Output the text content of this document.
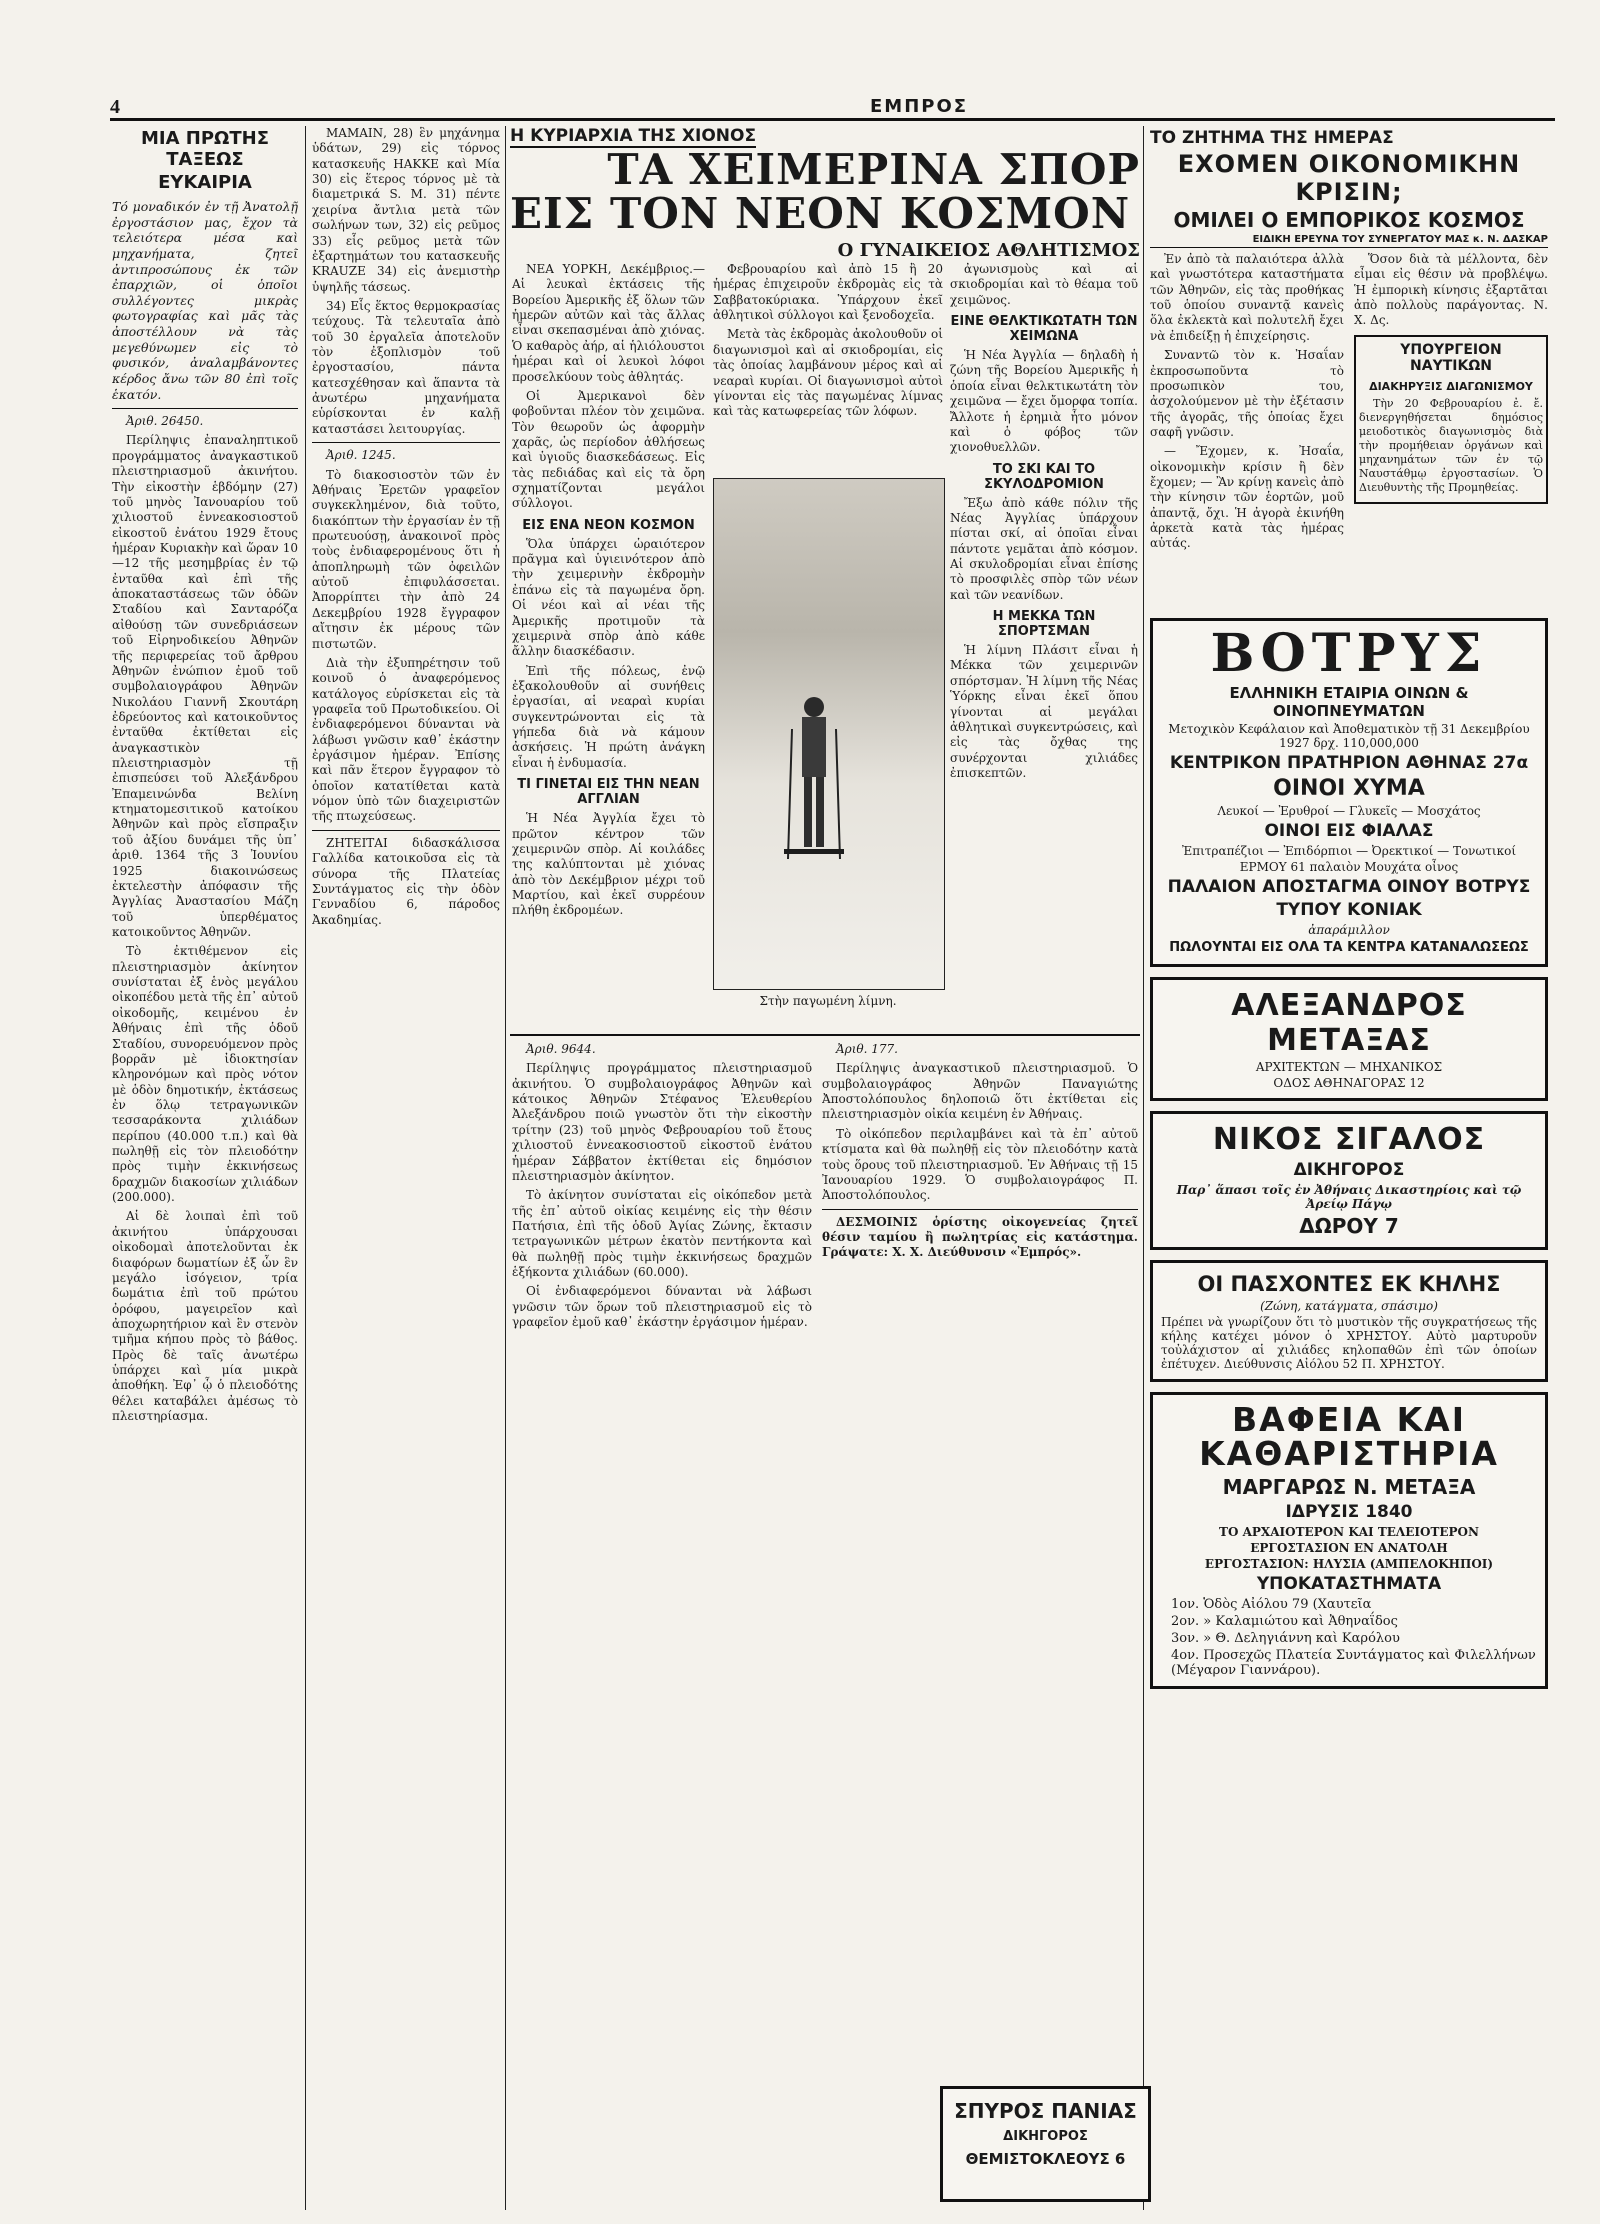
4	ΕΜΠΡΟΣ
ΜΙΑ ΠΡΩΤΗΣ ΤΑΞΕΩΣ
ΕΥΚΑΙΡΙΑ
Τό μοναδικόν ἐν τῇ Ἀνατολῇ ἐργοστάσιον μας, ἔχον τὰ τελειότερα μέσα καὶ μηχανήματα, ζητεῖ ἀντιπροσώπους ἐκ τῶν ἐπαρχιῶν, οἱ ὁποῖοι συλλέγοντες μικρὰς φωτογραφίας καὶ μᾶς τὰς ἀποστέλλουν νὰ τὰς μεγεθύνωμεν εἰς τὸ φυσικόν, ἀναλαμβάνοντες κέρδος ἄνω τῶν 80 ἐπὶ τοῖς ἑκατόν.

Ἀριθ. 26450.

Περίληψις ἐπαναληπτικοῦ προγράμματος ἀναγκαστικοῦ πλειστηριασμοῦ ἀκινήτου. Τὴν εἰκοστὴν ἑβδόμην (27) τοῦ μηνὸς Ἰανουαρίου τοῦ χιλιοστοῦ ἐννεακοσιοστοῦ εἰκοστοῦ ἐνάτου 1929 ἔτους ἡμέραν Κυριακὴν καὶ ὥραν 10—12 τῆς μεσημβρίας ἐν τῷ ἐνταῦθα καὶ ἐπὶ τῆς ἀποκαταστάσεως τῶν ὁδῶν Σταδίου καὶ Σανταρόζα αἰθούσῃ τῶν συνεδριάσεων τοῦ Εἰρηνοδικείου Ἀθηνῶν τῆς περιφερείας τοῦ ἄρθρου Ἀθηνῶν ἐνώπιον ἐμοῦ τοῦ συμβολαιογράφου Ἀθηνῶν Νικολάου Γιαννῆ Σκουτάρη ἐδρεύοντος καὶ κατοικοῦντος ἐνταῦθα ἐκτίθεται εἰς ἀναγκαστικὸν πλειστηριασμὸν τῇ ἐπισπεύσει τοῦ Ἀλεξάνδρου Ἐπαμεινώνδα Βελίνη κτηματομεσιτικοῦ κατοίκου Ἀθηνῶν καὶ πρὸς εἴσπραξιν τοῦ ἀξίου δυνάμει τῆς ὑπ᾽ ἀριθ. 1364 τῆς 3 Ἰουνίου 1925 διακοινώσεως ἐκτελεστὴν ἀπόφασιν τῆς Ἀγγλίας Ἀναστασίου Μάζη τοῦ ὑπερθέματος κατοικοῦντος Ἀθηνῶν.

Τὸ ἐκτιθέμενον εἰς πλειστηριασμὸν ἀκίνητον συνίσταται ἐξ ἑνὸς μεγάλου οἰκοπέδου μετὰ τῆς ἐπ᾽ αὐτοῦ οἰκοδομῆς, κειμένου ἐν Ἀθήναις ἐπὶ τῆς ὁδοῦ Σταδίου, συνορευόμενον πρὸς βορρᾶν μὲ ἰδιοκτησίαν κληρονόμων καὶ πρὸς νότον μὲ ὁδὸν δημοτικήν, ἐκτάσεως ἐν ὅλῳ τετραγωνικῶν τεσσαράκοντα χιλιάδων περίπου (40.000 τ.π.) καὶ θὰ πωληθῇ εἰς τὸν πλειοδότην πρὸς τιμὴν ἐκκινήσεως δραχμῶν διακοσίων χιλιάδων (200.000).

Αἱ δὲ λοιπαὶ ἐπὶ τοῦ ἀκινήτου ὑπάρχουσαι οἰκοδομαὶ ἀποτελοῦνται ἐκ διαφόρων δωματίων ἐξ ὧν ἓν μεγάλο ἰσόγειον, τρία δωμάτια ἐπὶ τοῦ πρώτου ὀρόφου, μαγειρεῖον καὶ ἀποχωρητήριον καὶ ἓν στενὸν τμῆμα κήπου πρὸς τὸ βάθος. Πρὸς δὲ ταῖς ἀνωτέρω ὑπάρχει καὶ μία μικρὰ ἀποθήκη. Ἐφ᾽ ᾧ ὁ πλειοδότης θέλει καταβάλει ἀμέσως τὸ πλειστηρίασμα.

ΜΑΜΑΙΝ, 28) ἓν μηχάνημα ὑδάτων, 29) εἰς τόρνος κατασκευῆς ΗΑΚΚΕ καὶ Μία 30) εἰς ἕτερος τόρνος μὲ τὰ διαμετρικά S. M. 31) πέντε χειρίνα ἄντλια μετὰ τῶν σωλήνων των, 32) εἰς ρεῦμος 33) εἷς ρεῦμος μετὰ τῶν ἐξαρτημάτων του κατασκευῆς KRAUZE 34) εἰς ἀνεμιστὴρ ὑψηλῆς τάσεως.

34) Εἷς ἕκτος θερμοκρασίας τεύχους. Τὰ τελευταῖα ἀπὸ τοῦ 30 ἐργαλεῖα ἀποτελοῦν τὸν ἐξοπλισμὸν τοῦ ἐργοστασίου, πάντα κατεσχέθησαν καὶ ἅπαντα τὰ ἀνωτέρω μηχανήματα εὑρίσκονται ἐν καλῇ καταστάσει λειτουργίας.

Ἀριθ. 1245.

Τὸ διακοσιοστὸν τῶν ἐν Ἀθήναις Ἐρετῶν γραφεῖον συγκεκλημένον, διὰ τοῦτο, διακόπτων τὴν ἐργασίαν ἐν τῇ πρωτευούσῃ, ἀνακοινοῖ πρὸς τοὺς ἐνδιαφερομένους ὅτι ἡ ἀποπληρωμὴ τῶν ὀφειλῶν αὐτοῦ ἐπιφυλάσσεται. Ἀπορρίπτει τὴν ἀπὸ 24 Δεκεμβρίου 1928 ἔγγραφον αἴτησιν ἐκ μέρους τῶν πιστωτῶν.

Διὰ τὴν ἐξυπηρέτησιν τοῦ κοινοῦ ὁ ἀναφερόμενος κατάλογος εὑρίσκεται εἰς τὰ γραφεῖα τοῦ Πρωτοδικείου. Οἱ ἐνδιαφερόμενοι δύνανται νὰ λάβωσι γνῶσιν καθ᾽ ἑκάστην ἐργάσιμον ἡμέραν. Ἐπίσης καὶ πᾶν ἕτερον ἔγγραφον τὸ ὁποῖον κατατίθεται κατὰ νόμον ὑπὸ τῶν διαχειριστῶν τῆς πτωχεύσεως.

ΖΗΤΕΙΤΑΙ διδασκάλισσα Γαλλίδα κατοικοῦσα εἰς τὰ σύνορα τῆς Πλατείας Συντάγματος εἰς τὴν ὁδὸν Γενναδίου 6, πάροδος Ἀκαδημίας.

Η ΚΥΡΙΑΡΧΙΑ ΤΗΣ ΧΙΟΝΟΣ
ΤΑ ΧΕΙΜΕΡΙΝΑ ΣΠΟΡ
ΕΙΣ ΤΟΝ ΝΕΟΝ ΚΟΣΜΟΝ
Ο ΓΥΝΑΙΚΕΙΟΣ ΑΘΛΗΤΙΣΜΟΣ

ΝΕΑ ΥΟΡΚΗ, Δεκέμβριος.— Αἱ λευκαὶ ἐκτάσεις τῆς Βορείου Ἀμερικῆς ἐξ ὅλων τῶν ἡμερῶν αὐτῶν καὶ τὰς ἄλλας εἶναι σκεπασμέναι ἀπὸ χιόνας. Ὁ καθαρὸς ἀήρ, αἱ ἡλιόλουστοι ἡμέραι καὶ οἱ λευκοὶ λόφοι προσελκύουν τοὺς ἀθλητάς.

Οἱ Ἀμερικανοὶ δὲν φοβοῦνται πλέον τὸν χειμῶνα. Τὸν θεωροῦν ὡς ἀφορμὴν χαρᾶς, ὡς περίοδον ἀθλήσεως καὶ ὑγιοῦς διασκεδάσεως. Εἰς τὰς πεδιάδας καὶ εἰς τὰ ὄρη σχηματίζονται μεγάλοι σύλλογοι.

ΕΙΣ ΕΝΑ ΝΕΟΝ ΚΟΣΜΟΝ

Ὅλα ὑπάρχει ὡραιότερον πρᾶγμα καὶ ὑγιεινότερον ἀπὸ τὴν χειμερινὴν ἐκδρομὴν ἐπάνω εἰς τὰ παγωμένα ὄρη. Οἱ νέοι καὶ αἱ νέαι τῆς Ἀμερικῆς προτιμοῦν τὰ χειμερινὰ σπὸρ ἀπὸ κάθε ἄλλην διασκέδασιν.

Ἐπὶ τῆς πόλεως, ἐνῷ ἐξακολουθοῦν αἱ συνήθεις ἐργασίαι, αἱ νεαραὶ κυρίαι συγκεντρώνονται εἰς τὰ γήπεδα διὰ νὰ κάμουν ἀσκήσεις. Ἡ πρώτη ἀνάγκη εἶναι ἡ ἐνδυμασία.

ΤΙ ΓΙΝΕΤΑΙ ΕΙΣ ΤΗΝ ΝΕΑΝ ΑΓΓΛΙΑΝ

Ἡ Νέα Ἀγγλία ἔχει τὸ πρῶτον κέντρον τῶν χειμερινῶν σπὸρ. Αἱ κοιλάδες της καλύπτονται μὲ χιόνας ἀπὸ τὸν Δεκέμβριον μέχρι τοῦ Μαρτίου, καὶ ἐκεῖ συρρέουν πλήθη ἐκδρομέων.

Φεβρουαρίου καὶ ἀπὸ 15 ἢ 20 ἡμέρας ἐπιχειροῦν ἐκδρομὰς εἰς τὰ Σαββατοκύριακα. Ὑπάρχουν ἐκεῖ ἀθλητικοὶ σύλλογοι καὶ ξενοδοχεῖα.

Μετὰ τὰς ἐκδρομὰς ἀκολουθοῦν οἱ διαγωνισμοὶ καὶ αἱ σκιοδρομίαι, εἰς τὰς ὁποίας λαμβάνουν μέρος καὶ αἱ νεαραὶ κυρίαι. Οἱ διαγωνισμοὶ αὐτοὶ γίνονται εἰς τὰς παγωμένας λίμνας καὶ τὰς κατωφερείας τῶν λόφων.

Στὴν παγωμένη λίμνη.

ἀγωνισμοὺς καὶ αἱ σκιοδρομίαι καὶ τὸ θέαμα τοῦ χειμῶνος.

ΕΙΝΕ ΘΕΛΚΤΙΚΩΤΑΤΗ ΤΩΝ ΧΕΙΜΩΝΑ

Ἡ Νέα Ἀγγλία — δηλαδὴ ἡ ζώνη τῆς Βορείου Ἀμερικῆς ἡ ὁποία εἶναι θελκτικωτάτη τὸν χειμῶνα — ἔχει ὄμορφα τοπία. Ἄλλοτε ἡ ἐρημιὰ ἦτο μόνον καὶ ὁ φόβος τῶν χιονοθυελλῶν.

ΤΟ ΣΚΙ ΚΑΙ ΤΟ ΣΚΥΛΟΔΡΟΜΙΟΝ

Ἔξω ἀπὸ κάθε πόλιν τῆς Νέας Ἀγγλίας ὑπάρχουν πίσται σκί, αἱ ὁποῖαι εἶναι πάντοτε γεμᾶται ἀπὸ κόσμον. Αἱ σκυλοδρομίαι εἶναι ἐπίσης τὸ προσφιλὲς σπὸρ τῶν νέων καὶ τῶν νεανίδων.

Η ΜΕΚΚΑ ΤΩΝ ΣΠΟΡΤΣΜΑΝ

Ἡ λίμνη Πλάσιτ εἶναι ἡ Μέκκα τῶν χειμερινῶν σπόρτσμαν. Ἡ λίμνη τῆς Νέας Ὑόρκης εἶναι ἐκεῖ ὅπου γίνονται αἱ μεγάλαι ἀθλητικαὶ συγκεντρώσεις, καὶ εἰς τὰς ὄχθας της συνέρχονται χιλιάδες ἐπισκεπτῶν.

Ἀριθ. 9644.

Περίληψις προγράμματος πλειστηριασμοῦ ἀκινήτου. Ὁ συμβολαιογράφος Ἀθηνῶν καὶ κάτοικος Ἀθηνῶν Στέφανος Ἐλευθερίου Ἀλεξάνδρου ποιῶ γνωστὸν ὅτι τὴν εἰκοστὴν τρίτην (23) τοῦ μηνὸς Φεβρουαρίου τοῦ ἔτους χιλιοστοῦ ἐννεακοσιοστοῦ εἰκοστοῦ ἐνάτου ἡμέραν Σάββατον ἐκτίθεται εἰς δημόσιον πλειστηριασμὸν ἀκίνητον.

Τὸ ἀκίνητον συνίσταται εἰς οἰκόπεδον μετὰ τῆς ἐπ᾽ αὐτοῦ οἰκίας κειμένης εἰς τὴν θέσιν Πατήσια, ἐπὶ τῆς ὁδοῦ Ἀγίας Ζώνης, ἔκτασιν τετραγωνικῶν μέτρων ἑκατὸν πεντήκοντα καὶ θὰ πωληθῇ πρὸς τιμὴν ἐκκινήσεως δραχμῶν ἑξήκοντα χιλιάδων (60.000).

Οἱ ἐνδιαφερόμενοι δύνανται νὰ λάβωσι γνῶσιν τῶν ὅρων τοῦ πλειστηριασμοῦ εἰς τὸ γραφεῖον ἐμοῦ καθ᾽ ἑκάστην ἐργάσιμον ἡμέραν.

Ἀριθ. 177.

Περίληψις ἀναγκαστικοῦ πλειστηριασμοῦ. Ὁ συμβολαιογράφος Ἀθηνῶν Παναγιώτης Ἀποστολόπουλος δηλοποιῶ ὅτι ἐκτίθεται εἰς πλειστηριασμὸν οἰκία κειμένη ἐν Ἀθήναις.

Τὸ οἰκόπεδον περιλαμβάνει καὶ τὰ ἐπ᾽ αὐτοῦ κτίσματα καὶ θὰ πωληθῇ εἰς τὸν πλειοδότην κατὰ τοὺς ὅρους τοῦ πλειστηριασμοῦ. Ἐν Ἀθήναις τῇ 15 Ἰανουαρίου 1929. Ὁ συμβολαιογράφος Π. Ἀποστολόπουλος.

ΔΕΣΜΟΙΝΙΣ ὁρίστης οἰκογενείας ζητεῖ θέσιν ταμίου ἢ πωλητρίας εἰς κατάστημα. Γράψατε: Χ. Χ. Διεύθυνσιν «Ἐμπρός».

ΣΠΥΡΟΣ ΠΑΝΙΑΣ
ΔΙΚΗΓΟΡΟΣ
ΘΕΜΙΣΤΟΚΛΕΟΥΣ 6
ΤΟ ΖΗΤΗΜΑ ΤΗΣ ΗΜΕΡΑΣ
ΕΧΟΜΕΝ ΟΙΚΟΝΟΜΙΚΗΝ ΚΡΙΣΙΝ;
ΟΜΙΛΕΙ Ο ΕΜΠΟΡΙΚΟΣ ΚΟΣΜΟΣ
ΕΙΔΙΚΗ ΕΡΕΥΝΑ ΤΟΥ ΣΥΝΕΡΓΑΤΟΥ ΜΑΣ κ. Ν. ΔΑΣΚΑΡ

Ἐν ἀπὸ τὰ παλαιότερα ἀλλὰ καὶ γνωστότερα καταστήματα τῶν Ἀθηνῶν, εἰς τὰς προθήκας τοῦ ὁποίου συναντᾷ κανεὶς ὅλα ἐκλεκτὰ καὶ πολυτελῆ ἔχει νὰ ἐπιδείξῃ ἡ ἐπιχείρησις.

Συναντῶ τὸν κ. Ἠσαΐαν ἐκπροσωποῦντα τὸ προσωπικὸν του, ἀσχολούμενον μὲ τὴν ἐξέτασιν τῆς ἀγορᾶς, τῆς ὁποίας ἔχει σαφῆ γνῶσιν.

— Ἔχομεν, κ. Ἠσαΐα, οἰκονομικὴν κρίσιν ἢ δὲν ἔχομεν; — Ἂν κρίνῃ κανεὶς ἀπὸ τὴν κίνησιν τῶν ἑορτῶν, μοῦ ἀπαντᾷ, ὄχι. Ἡ ἀγορὰ ἐκινήθη ἀρκετὰ κατὰ τὰς ἡμέρας αὐτάς.

Ὅσον διὰ τὰ μέλλοντα, δὲν εἶμαι εἰς θέσιν νὰ προβλέψω. Ἡ ἐμπορικὴ κίνησις ἐξαρτᾶται ἀπὸ πολλοὺς παράγοντας. Ν. Χ. Δς.

ΥΠΟΥΡΓΕΙΟΝ ΝΑΥΤΙΚΩΝ
ΔΙΑΚΗΡΥΞΙΣ ΔΙΑΓΩΝΙΣΜΟΥ

Τὴν 20 Φεβρουαρίου ἐ. ἔ. διενεργηθήσεται δημόσιος μειοδοτικὸς διαγωνισμὸς διὰ τὴν προμήθειαν ὀργάνων καὶ μηχανημάτων τῶν ἐν τῷ Ναυστάθμῳ ἐργοστασίων. Ὁ Διευθυντὴς τῆς Προμηθείας.

ΒΟΤΡΥΣ
ΕΛΛΗΝΙΚΗ ΕΤΑΙΡΙΑ ΟΙΝΩΝ & ΟΙΝΟΠΝΕΥΜΑΤΩΝ
Μετοχικὸν Κεφάλαιον καὶ Ἀποθεματικὸν τῇ 31 Δεκεμβρίου 1927 δρχ. 110,000,000
ΚΕΝΤΡΙΚΟΝ ΠΡΑΤΗΡΙΟΝ ΑΘΗΝΑΣ 27α
ΟΙΝΟΙ ΧΥΜΑ
Λευκοί — Ἐρυθροί — Γλυκεῖς — Μοσχάτος
ΟΙΝΟΙ ΕΙΣ ΦΙΑΛΑΣ
Ἐπιτραπέζιοι — Ἐπιδόρπιοι — Ὀρεκτικοί — Τονωτικοί
ΕΡΜΟΥ 61 παλαιὸν Μουχάτα οἶνος
ΠΑΛΑΙΟΝ ΑΠΟΣΤΑΓΜΑ ΟΙΝΟΥ ΒΟΤΡΥΣ
ΤΥΠΟΥ ΚΟΝΙΑΚ
ἀπαράμιλλον
ΠΩΛΟΥΝΤΑΙ ΕΙΣ ΟΛΑ ΤΑ ΚΕΝΤΡΑ ΚΑΤΑΝΑΛΩΣΕΩΣ
ΑΛΕΞΑΝΔΡΟΣ ΜΕΤΑΞΑΣ
ΑΡΧΙΤΕΚΤΩΝ — ΜΗΧΑΝΙΚΟΣ
ΟΔΟΣ ΑΘΗΝΑΓΟΡΑΣ 12
ΝΙΚΟΣ ΣΙΓΑΛΟΣ
ΔΙΚΗΓΟΡΟΣ
Παρ᾽ ἅπασι τοῖς ἐν Ἀθήναις Δικαστηρίοις καὶ τῷ Ἀρείῳ Πάγῳ
ΔΩΡΟΥ 7
ΟΙ ΠΑΣΧΟΝΤΕΣ ΕΚ ΚΗΛΗΣ
(Ζώνη, κατάγματα, σπάσιμο)
Πρέπει νὰ γνωρίζουν ὅτι τὸ μυστικὸν τῆς συγκρατήσεως τῆς κήλης κατέχει μόνον ὁ ΧΡΗΣΤΟΥ. Αὐτὸ μαρτυροῦν τοὐλάχιστον αἱ χιλιάδες κηλοπαθῶν ἐπὶ τῶν ὁποίων ἐπέτυχεν. Διεύθυνσις Αἰόλου 52 Π. ΧΡΗΣΤΟΥ.
ΒΑΦΕΙΑ ΚΑΙ ΚΑΘΑΡΙΣΤΗΡΙΑ
ΜΑΡΓΑΡΩΣ Ν. ΜΕΤΑΞΑ
ΙΔΡΥΣΙΣ 1840
ΤΟ ΑΡΧΑΙΟΤΕΡΟΝ ΚΑΙ ΤΕΛΕΙΟΤΕΡΟΝ
ΕΡΓΟΣΤΑΣΙΟΝ ΕΝ ΑΝΑΤΟΛΗ
ΕΡΓΟΣΤΑΣΙΟΝ: ΗΛΥΣΙΑ (ΑΜΠΕΛΟΚΗΠΟΙ)
ΥΠΟΚΑΤΑΣΤΗΜΑΤΑ
1ον. Ὁδὸς Αἰόλου 79 (Χαυτεῖα
2ον. » Καλαμιώτου καὶ Ἀθηναΐδος
3ον. » Θ. Δεληγιάννη καὶ Καρόλου
4ον. Προσεχῶς Πλατεία Συντάγματος καὶ Φιλελλήνων (Μέγαρον Γιαννάρου).
